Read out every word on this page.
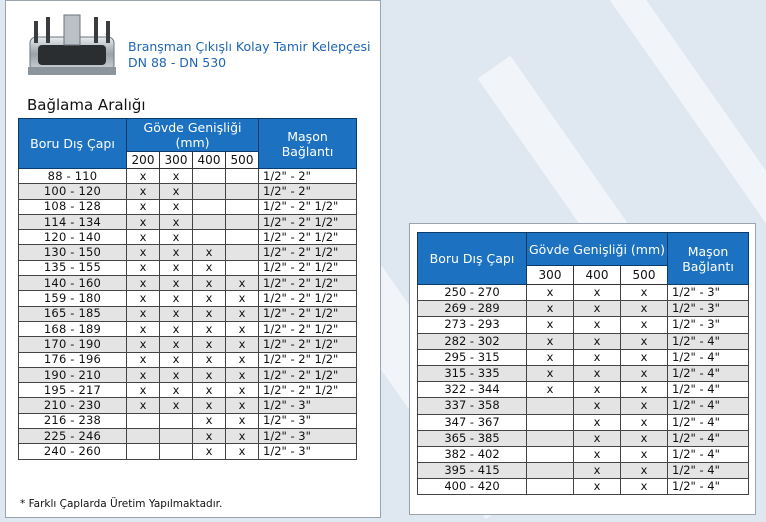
Branşman Çıkışlı Kolay Tamir Kelepçesi
DN 88 - DN 530
Bağlama Aralığı
Boru Dış Çapı	Gövde Genişliği (mm)				Maşon
Bağlantı

	200	300	400	500	
88 - 110	x	x			1/2" - 2"
100 - 120	x	x			1/2" - 2"
108 - 128	x	x			1/2" - 2" 1/2"
114 - 134	x	x			1/2" - 2" 1/2"
120 - 140	x	x			1/2" - 2" 1/2"
130 - 150	x	x	x		1/2" - 2" 1/2"
135 - 155	x	x	x		1/2" - 2" 1/2"
140 - 160	x	x	x	x	1/2" - 2" 1/2"
159 - 180	x	x	x	x	1/2" - 2" 1/2"
165 - 185	x	x	x	x	1/2" - 2" 1/2"
168 - 189	x	x	x	x	1/2" - 2" 1/2"
170 - 190	x	x	x	x	1/2" - 2" 1/2"
176 - 196	x	x	x	x	1/2" - 2" 1/2"
190 - 210	x	x	x	x	1/2" - 2" 1/2"
195 - 217	x	x	x	x	1/2" - 2" 1/2"
210 - 230	x	x	x	x	1/2" - 3"
216 - 238			x	x	1/2" - 3"
225 - 246			x	x	1/2" - 3"
240 - 260			x	x	1/2" - 3"
* Farklı Çaplarda Üretim Yapılmaktadır.
Boru Dış Çapı	Gövde Genişliği (mm)			Maşon
Bağlantı

	300	400	500	
250 - 270	x	x	x	1/2" - 3"
269 - 289	x	x	x	1/2" - 3"
273 - 293	x	x	x	1/2" - 3"
282 - 302	x	x	x	1/2" - 4"
295 - 315	x	x	x	1/2" - 4"
315 - 335	x	x	x	1/2" - 4"
322 - 344	x	x	x	1/2" - 4"
337 - 358		x	x	1/2" - 4"
347 - 367		x	x	1/2" - 4"
365 - 385		x	x	1/2" - 4"
382 - 402		x	x	1/2" - 4"
395 - 415		x	x	1/2" - 4"
400 - 420		x	x	1/2" - 4"
